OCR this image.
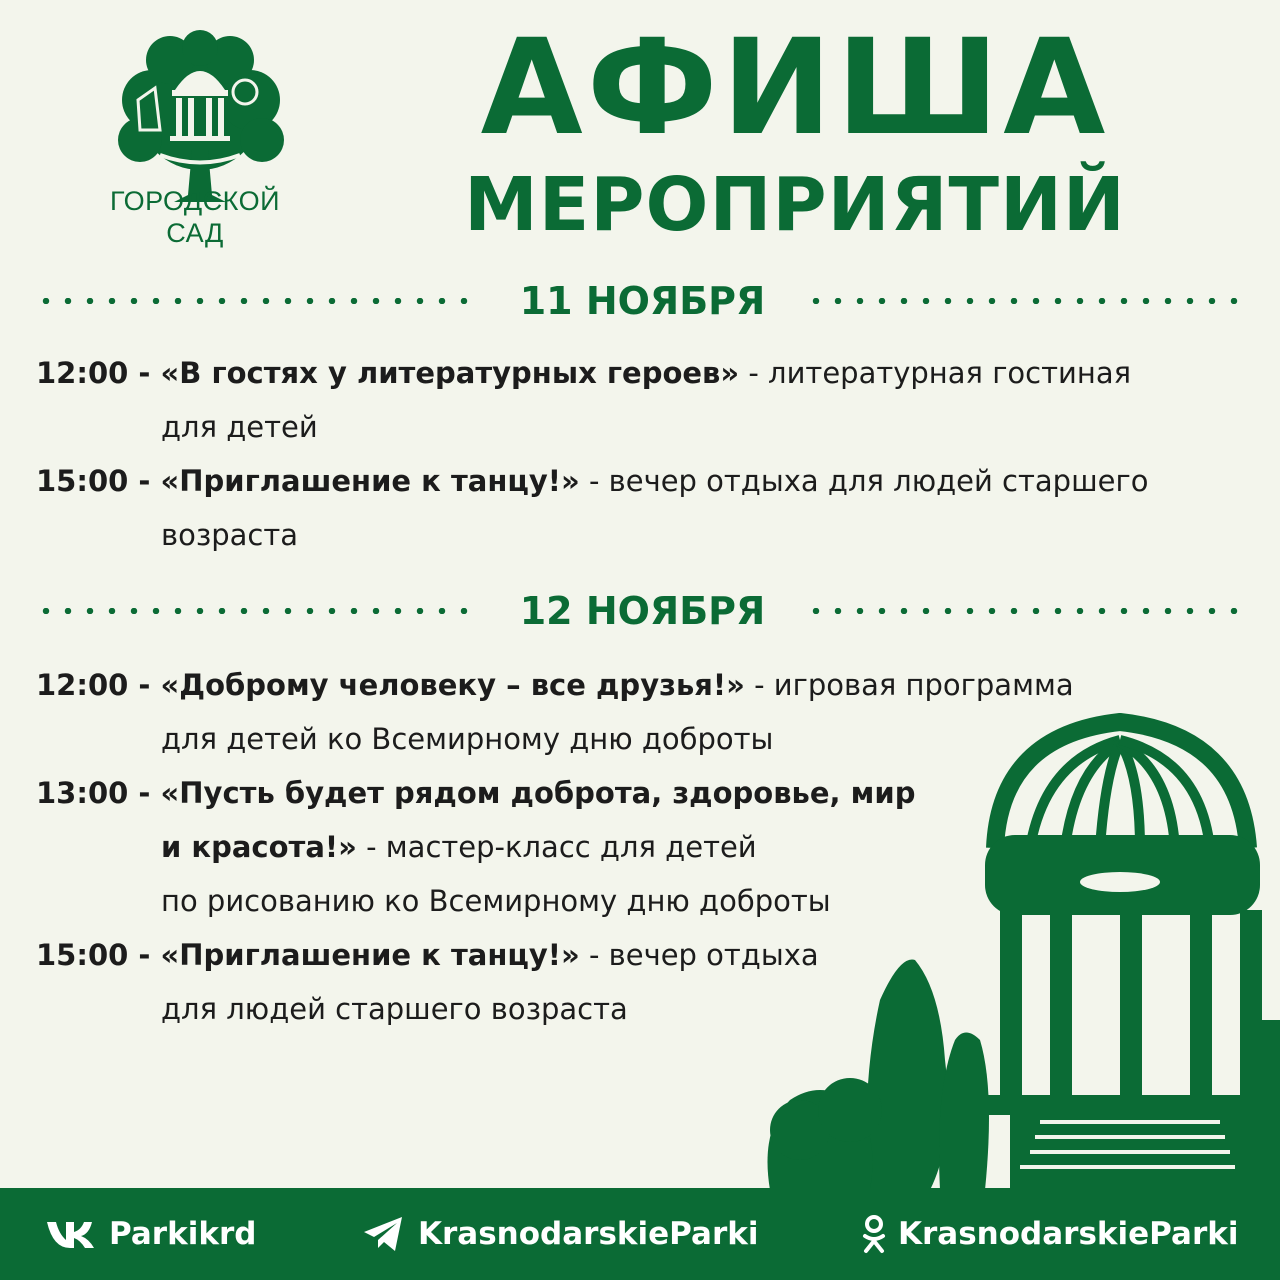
ГОРОДСКОЙ
САД
АФИША
МЕРОПРИЯТИЙ
11 НОЯБРЯ
12:00 - «В гостях у литературных героев» - литературная гостиная
для детей
15:00 - «Приглашение к танцу!» - вечер отдыха для людей старшего
возраста
12 НОЯБРЯ
12:00 - «Доброму человеку – все друзья!» - игровая программа
для детей ко Всемирному дню доброты
13:00 - «Пусть будет рядом доброта, здоровье, мир
и красота!» - мастер-класс для детей
по рисованию ко Всемирному дню доброты
15:00 - «Приглашение к танцу!» - вечер отдыха
для людей старшего возраста
Parkikrd	KrasnodarskieParki	KrasnodarskieParki
